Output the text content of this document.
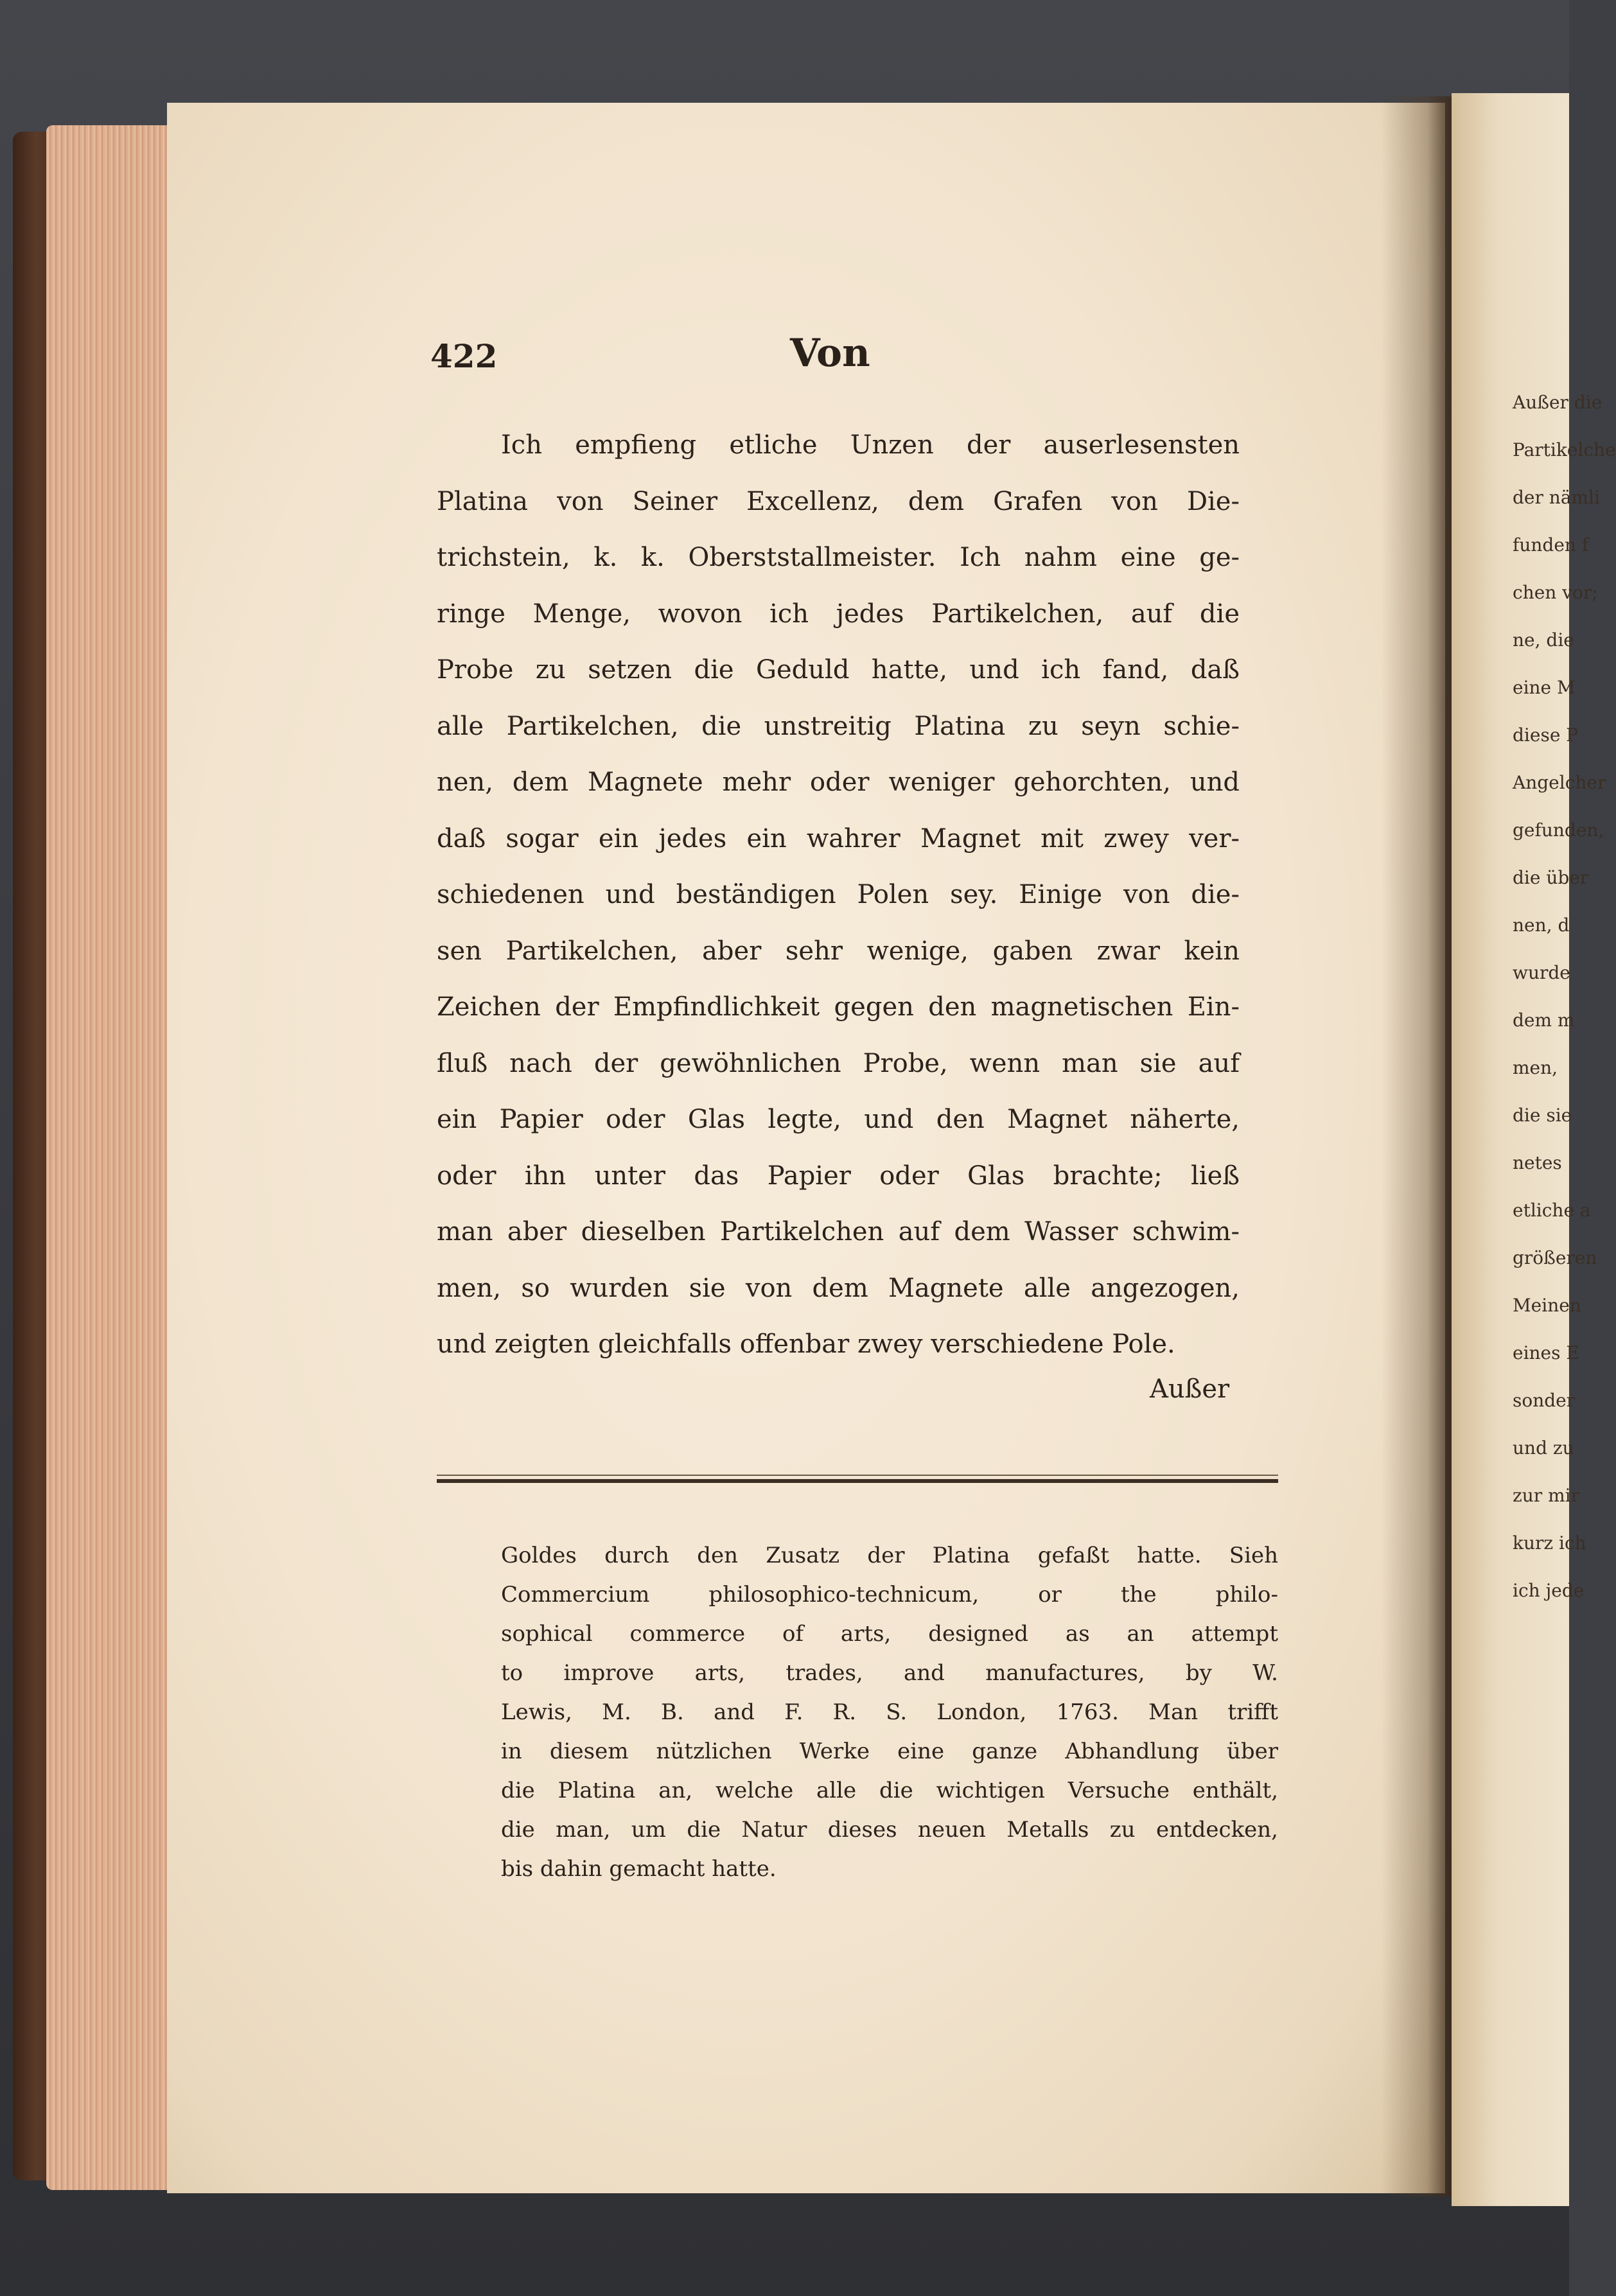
422	Von
Ich empfieng etliche Unzen der auserlesensten
Platina von Seiner Excellenz, dem Grafen von Die-
trichstein, k. k. Oberststallmeister. Ich nahm eine ge-
ringe Menge, wovon ich jedes Partikelchen, auf die
Probe zu setzen die Geduld hatte, und ich fand, daß
alle Partikelchen, die unstreitig Platina zu seyn schie-
nen, dem Magnete mehr oder weniger gehorchten, und
daß sogar ein jedes ein wahrer Magnet mit zwey ver-
schiedenen und beständigen Polen sey. Einige von die-
sen Partikelchen, aber sehr wenige, gaben zwar kein
Zeichen der Empfindlichkeit gegen den magnetischen Ein-
fluß nach der gewöhnlichen Probe, wenn man sie auf
ein Papier oder Glas legte, und den Magnet näherte,
oder ihn unter das Papier oder Glas brachte; ließ
man aber dieselben Partikelchen auf dem Wasser schwim-
men, so wurden sie von dem Magnete alle angezogen,
und zeigten gleichfalls offenbar zwey verschiedene Pole.
Außer
Goldes durch den Zusatz der Platina gefaßt hatte. Sieh
Commercium philosophico-technicum, or the philo-
sophical commerce of arts, designed as an attempt
to improve arts, trades, and manufactures, by W.
Lewis, M. B. and F. R. S. London, 1763. Man trifft
in diesem nützlichen Werke eine ganze Abhandlung über
die Platina an, welche alle die wichtigen Versuche enthält,
die man, um die Natur dieses neuen Metalls zu entdecken,
bis dahin gemacht hatte.
Außer die
Partikelche
der nämli
funden f
chen vor;
ne, die
eine M
diese P
Angelcher
gefunden,
die über
nen, d
wurde
dem m
men,
die sie
netes
etliche a
größeren
Meinen
eines E
sonder
und zu
zur mir
kurz ich
ich jede
